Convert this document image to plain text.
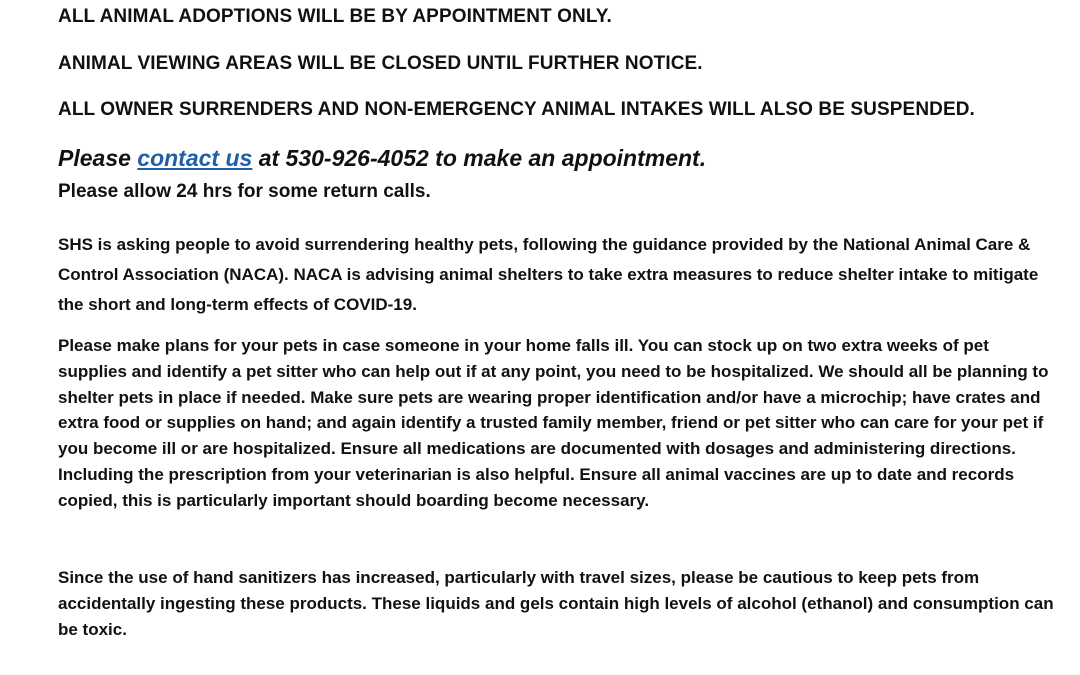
ALL ANIMAL ADOPTIONS WILL BE BY APPOINTMENT ONLY.
ANIMAL VIEWING AREAS WILL BE CLOSED UNTIL FURTHER NOTICE.
ALL OWNER SURRENDERS AND NON-EMERGENCY ANIMAL INTAKES WILL ALSO BE SUSPENDED.
Please contact us at 530-926-4052 to make an appointment.
Please allow 24 hrs for some return calls.

SHS is asking people to avoid surrendering healthy pets, following the guidance provided by the National Animal Care & Control Association (NACA). NACA is advising animal shelters to take extra measures to reduce shelter intake to mitigate the short and long-term effects of COVID-19.

Please make plans for your pets in case someone in your home falls ill. You can stock up on two extra weeks of pet supplies and identify a pet sitter who can help out if at any point, you need to be hospitalized. We should all be planning to shelter pets in place if needed. Make sure pets are wearing proper identification and/or have a microchip; have crates and extra food or supplies on hand; and again identify a trusted family member, friend or pet sitter who can care for your pet if you become ill or are hospitalized. Ensure all medications are documented with dosages and administering directions. Including the prescription from your veterinarian is also helpful. Ensure all animal vaccines are up to date and records copied, this is particularly important should boarding become necessary.

Since the use of hand sanitizers has increased, particularly with travel sizes, please be cautious to keep pets from accidentally ingesting these products. These liquids and gels contain high levels of alcohol (ethanol) and consumption can be toxic.
